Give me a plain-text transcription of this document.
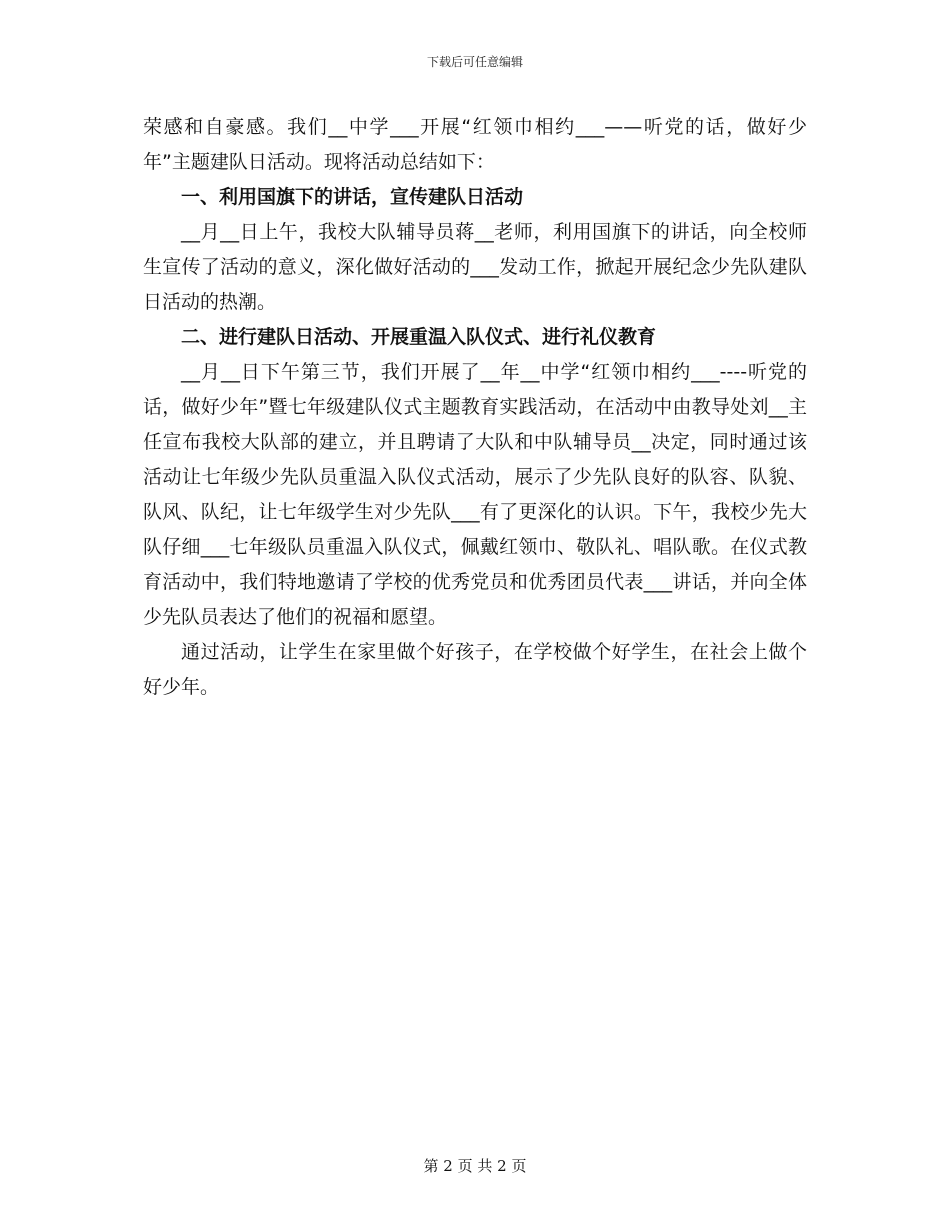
下载后可任意编辑

荣感和自豪感。我们__中学___开展“红领巾相约___——听党的话，做好少年”主题建队日活动。现将活动总结如下：

一、利用国旗下的讲话，宣传建队日活动

__月__日上午，我校大队辅导员蒋__老师，利用国旗下的讲话，向全校师生宣传了活动的意义，深化做好活动的___发动工作，掀起开展纪念少先队建队日活动的热潮。

二、进行建队日活动、开展重温入队仪式、进行礼仪教育

__月__日下午第三节，我们开展了__年__中学“红领巾相约___----听党的话，做好少年”暨七年级建队仪式主题教育实践活动，在活动中由教导处刘__主任宣布我校大队部的建立，并且聘请了大队和中队辅导员__决定，同时通过该活动让七年级少先队员重温入队仪式活动，展示了少先队良好的队容、队貌、队风、队纪，让七年级学生对少先队___有了更深化的认识。下午，我校少先大队仔细___七年级队员重温入队仪式，佩戴红领巾、敬队礼、唱队歌。在仪式教育活动中，我们特地邀请了学校的优秀党员和优秀团员代表___讲话，并向全体少先队员表达了他们的祝福和愿望。

通过活动，让学生在家里做个好孩子，在学校做个好学生，在社会上做个好少年。

第 2 页 共 2 页
